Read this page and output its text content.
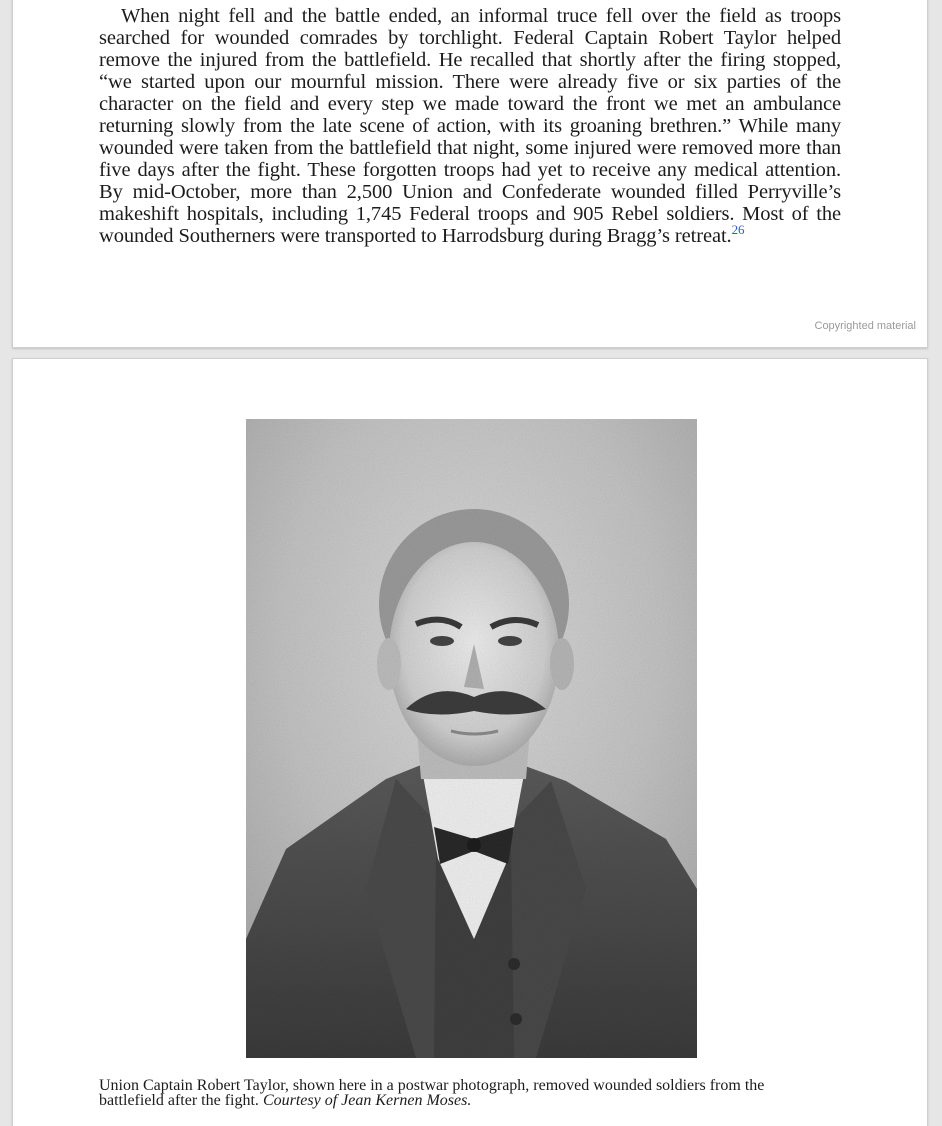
When night fell and the battle ended, an informal truce fell over the field as troops searched for wounded comrades by torchlight. Federal Captain Robert Taylor helped remove the injured from the battlefield. He recalled that shortly after the firing stopped, “we started upon our mournful mission. There were already five or six parties of the character on the field and every step we made toward the front we met an ambulance returning slowly from the late scene of action, with its groaning brethren.” While many wounded were taken from the battlefield that night, some injured were removed more than five days after the fight. These forgotten troops had yet to receive any medical attention. By mid-October, more than 2,500 Union and Confederate wounded filled Perryville’s makeshift hospitals, including 1,745 Federal troops and 905 Rebel soldiers. Most of the wounded Southerners were transported to Harrodsburg during Bragg’s retreat.$^{26}$

Copyrighted material

Union Captain Robert Taylor, shown here in a postwar photograph, removed wounded soldiers from the battlefield after the fight. Courtesy of Jean Kernen Moses.
